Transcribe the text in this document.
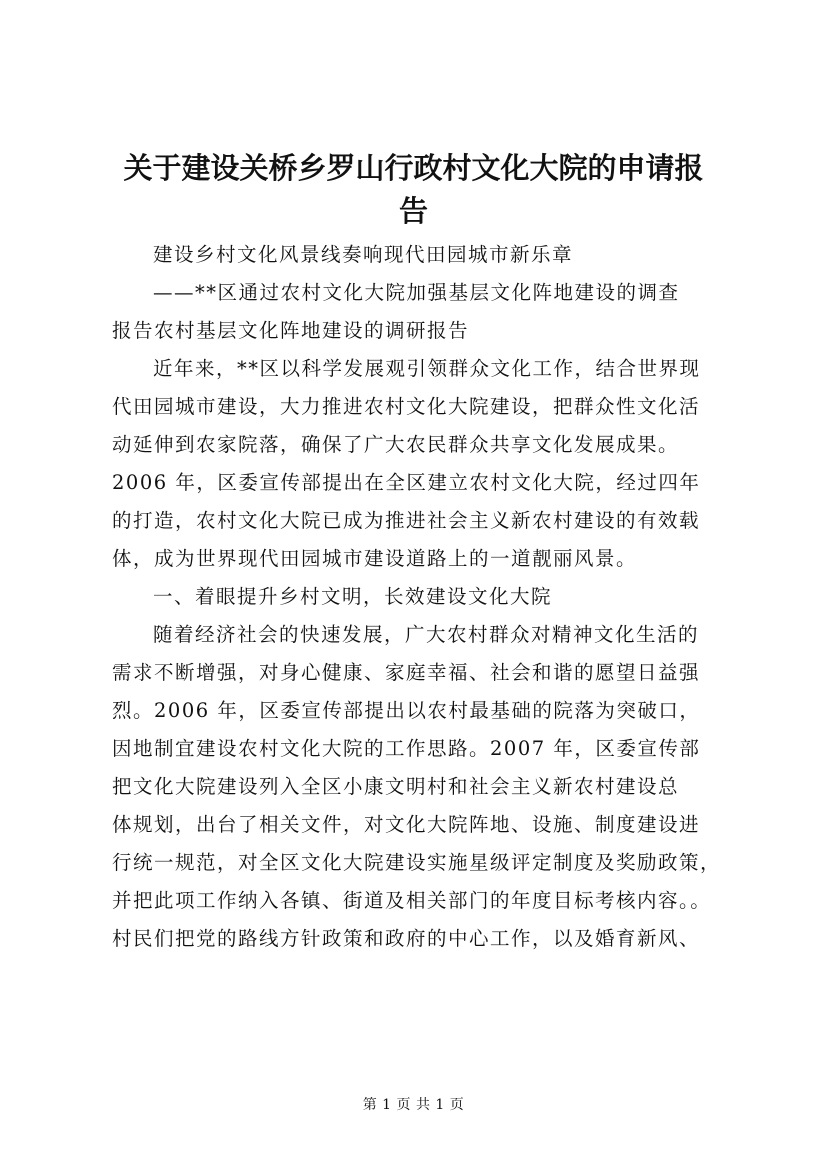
关于建设关桥乡罗山行政村文化大院的申请报
告

建设乡村文化风景线奏响现代田园城市新乐章

——**区通过农村文化大院加强基层文化阵地建设的调查

报告农村基层文化阵地建设的调研报告

近年来，**区以科学发展观引领群众文化工作，结合世界现

代田园城市建设，大力推进农村文化大院建设，把群众性文化活

动延伸到农家院落，确保了广大农民群众共享文化发展成果。

2006 年，区委宣传部提出在全区建立农村文化大院，经过四年

的打造，农村文化大院已成为推进社会主义新农村建设的有效载

体，成为世界现代田园城市建设道路上的一道靓丽风景。

一、着眼提升乡村文明，长效建设文化大院

随着经济社会的快速发展，广大农村群众对精神文化生活的

需求不断增强，对身心健康、家庭幸福、社会和谐的愿望日益强

烈。2006 年，区委宣传部提出以农村最基础的院落为突破口，

因地制宜建设农村文化大院的工作思路。2007 年，区委宣传部

把文化大院建设列入全区小康文明村和社会主义新农村建设总

体规划，出台了相关文件，对文化大院阵地、设施、制度建设进

行统一规范，对全区文化大院建设实施星级评定制度及奖励政策，

并把此项工作纳入各镇、街道及相关部门的年度目标考核内容。。

村民们把党的路线方针政策和政府的中心工作，以及婚育新风、

第 1 页 共 1 页
